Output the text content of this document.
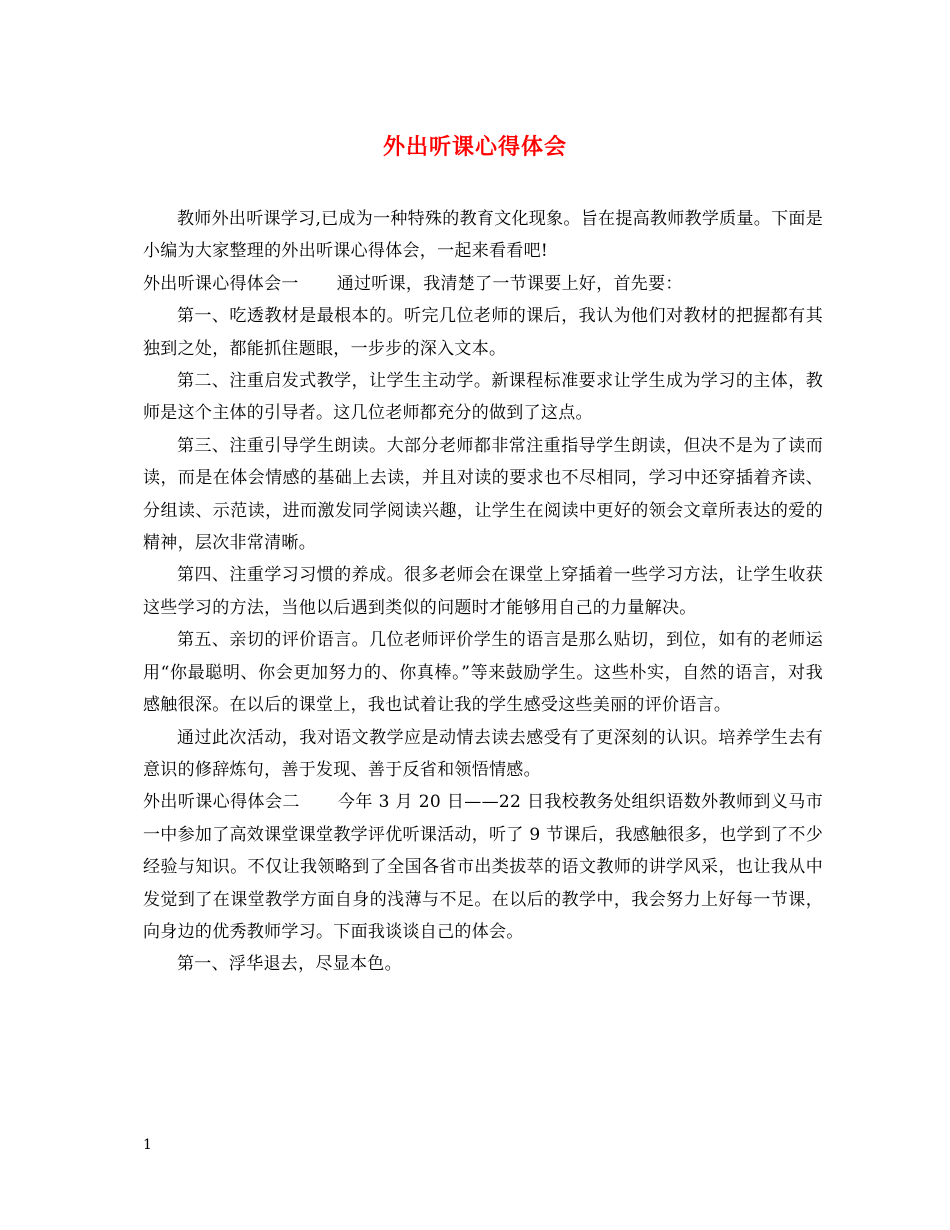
外出听课心得体会

教师外出听课学习,已成为一种特殊的教育文化现象。旨在提高教师教学质量。下面是小编为大家整理的外出听课心得体会，一起来看看吧!

外出听课心得体会一 通过听课，我清楚了一节课要上好，首先要：

第一、吃透教材是最根本的。听完几位老师的课后，我认为他们对教材的把握都有其独到之处，都能抓住题眼，一步步的深入文本。

第二、注重启发式教学，让学生主动学。新课程标准要求让学生成为学习的主体，教师是这个主体的引导者。这几位老师都充分的做到了这点。

第三、注重引导学生朗读。大部分老师都非常注重指导学生朗读，但决不是为了读而读，而是在体会情感的基础上去读，并且对读的要求也不尽相同，学习中还穿插着齐读、分组读、示范读，进而激发同学阅读兴趣，让学生在阅读中更好的领会文章所表达的爱的精神，层次非常清晰。

第四、注重学习习惯的养成。很多老师会在课堂上穿插着一些学习方法，让学生收获这些学习的方法，当他以后遇到类似的问题时才能够用自己的力量解决。

第五、亲切的评价语言。几位老师评价学生的语言是那么贴切，到位，如有的老师运用“你最聪明、你会更加努力的、你真棒。”等来鼓励学生。这些朴实，自然的语言，对我感触很深。在以后的课堂上，我也试着让我的学生感受这些美丽的评价语言。

通过此次活动，我对语文教学应是动情去读去感受有了更深刻的认识。培养学生去有意识的修辞炼句，善于发现、善于反省和领悟情感。

外出听课心得体会二 今年 3 月 20 日——22 日我校教务处组织语数外教师到义马市一中参加了高效课堂课堂教学评优听课活动，听了 9 节课后，我感触很多，也学到了不少经验与知识。不仅让我领略到了全国各省市出类拔萃的语文教师的讲学风采，也让我从中发觉到了在课堂教学方面自身的浅薄与不足。在以后的教学中，我会努力上好每一节课，向身边的优秀教师学习。下面我谈谈自己的体会。

第一、浮华退去，尽显本色。

1
